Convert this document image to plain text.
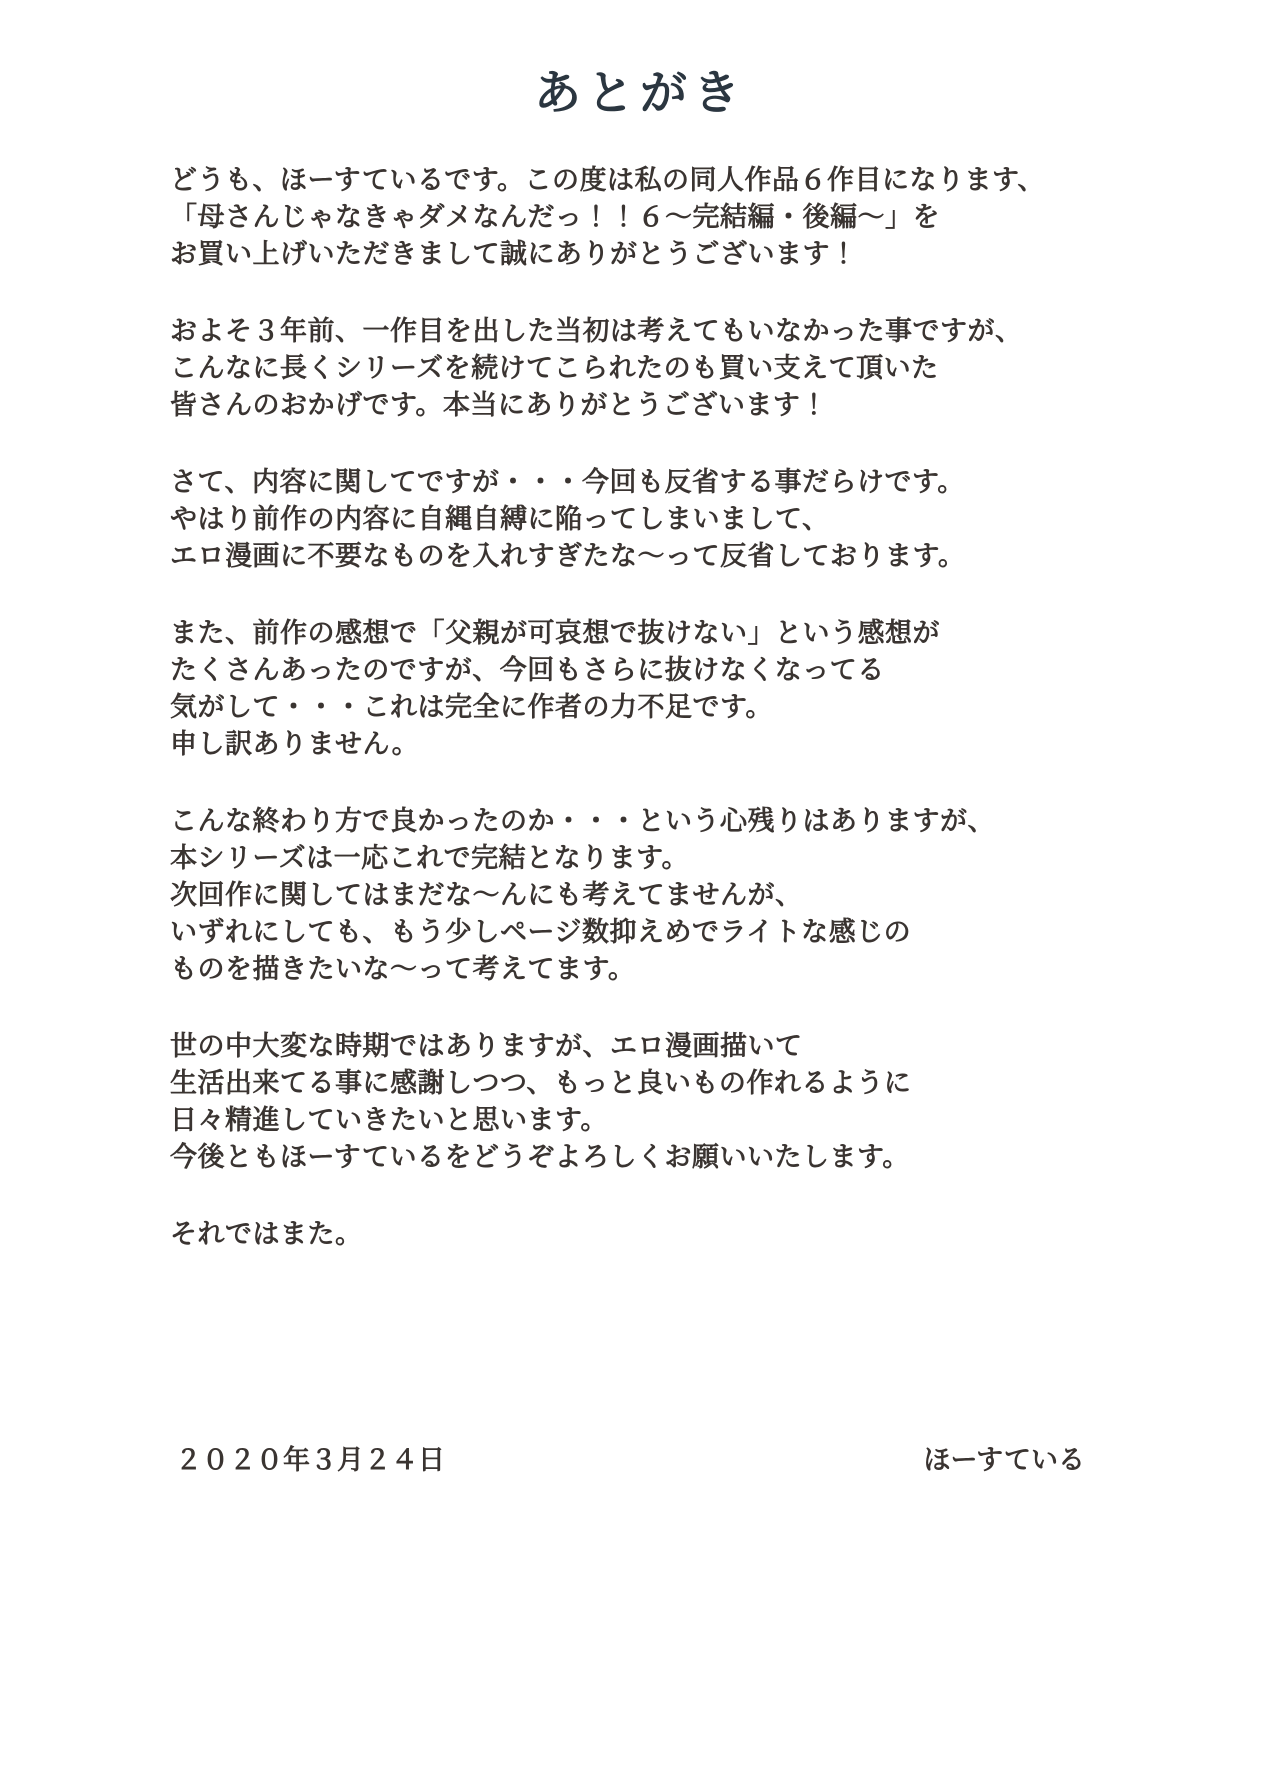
あとがき

どうも、ほーすているです。この度は私の同人作品６作目になります、
「母さんじゃなきゃダメなんだっ！！６～完結編・後編～」を
お買い上げいただきまして誠にありがとうございます！

およそ３年前、一作目を出した当初は考えてもいなかった事ですが、
こんなに長くシリーズを続けてこられたのも買い支えて頂いた
皆さんのおかげです。本当にありがとうございます！

さて、内容に関してですが・・・今回も反省する事だらけです。
やはり前作の内容に自縄自縛に陥ってしまいまして、
エロ漫画に不要なものを入れすぎたな～って反省しております。

また、前作の感想で「父親が可哀想で抜けない」という感想が
たくさんあったのですが、今回もさらに抜けなくなってる
気がして・・・これは完全に作者の力不足です。
申し訳ありません。

こんな終わり方で良かったのか・・・という心残りはありますが、
本シリーズは一応これで完結となります。
次回作に関してはまだな～んにも考えてませんが、
いずれにしても、もう少しページ数抑えめでライトな感じの
ものを描きたいな～って考えてます。

世の中大変な時期ではありますが、エロ漫画描いて
生活出来てる事に感謝しつつ、もっと良いもの作れるように
日々精進していきたいと思います。
今後ともほーすているをどうぞよろしくお願いいたします。

それではまた。

２０２０年３月２４日	ほーすている
